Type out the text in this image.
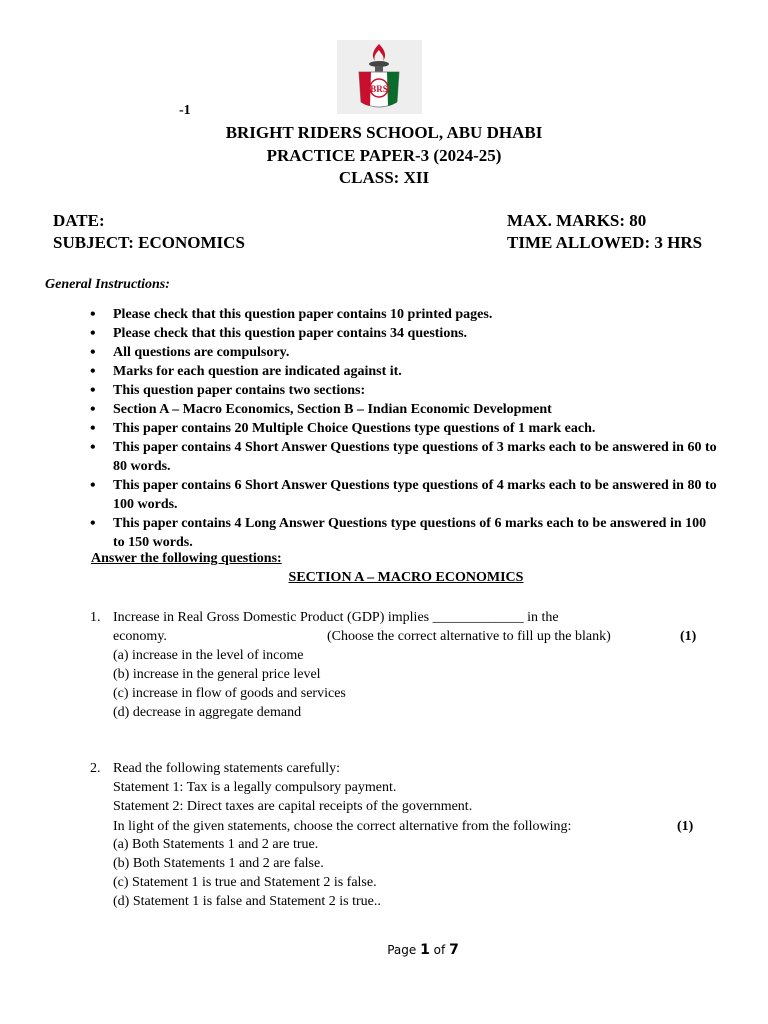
BRS
-1
BRIGHT RIDERS SCHOOL, ABU DHABI
PRACTICE PAPER-3 (2024-25)
CLASS: XII
DATE:
SUBJECT: ECONOMICS
MAX. MARKS: 80
TIME ALLOWED: 3 HRS
General Instructions:
• Please check that this question paper contains 10 printed pages.
• Please check that this question paper contains 34 questions.
• All questions are compulsory.
• Marks for each question are indicated against it.
• This question paper contains two sections:
• Section A – Macro Economics, Section B – Indian Economic Development
• This paper contains 20 Multiple Choice Questions type questions of 1 mark each.
• This paper contains 4 Short Answer Questions type questions of 3 marks each to be answered in 60 to 80 words.
• This paper contains 6 Short Answer Questions type questions of 4 marks each to be answered in 80 to 100 words.
• This paper contains 4 Long Answer Questions type questions of 6 marks each to be answered in 100 to 150 words.
Answer the following questions:
SECTION A – MACRO ECONOMICS
1. Increase in Real Gross Domestic Product (GDP) implies _____________ in the
economy.	(Choose the correct alternative to fill up the blank)	(1)
(a) increase in the level of income
(b) increase in the general price level
(c) increase in flow of goods and services
(d) decrease in aggregate demand
2. Read the following statements carefully:
Statement 1: Tax is a legally compulsory payment.
Statement 2: Direct taxes are capital receipts of the government.
In light of the given statements, choose the correct alternative from the following:	(1)
(a) Both Statements 1 and 2 are true.
(b) Both Statements 1 and 2 are false.
(c) Statement 1 is true and Statement 2 is false.
(d) Statement 1 is false and Statement 2 is true..
Page 1 of 7
